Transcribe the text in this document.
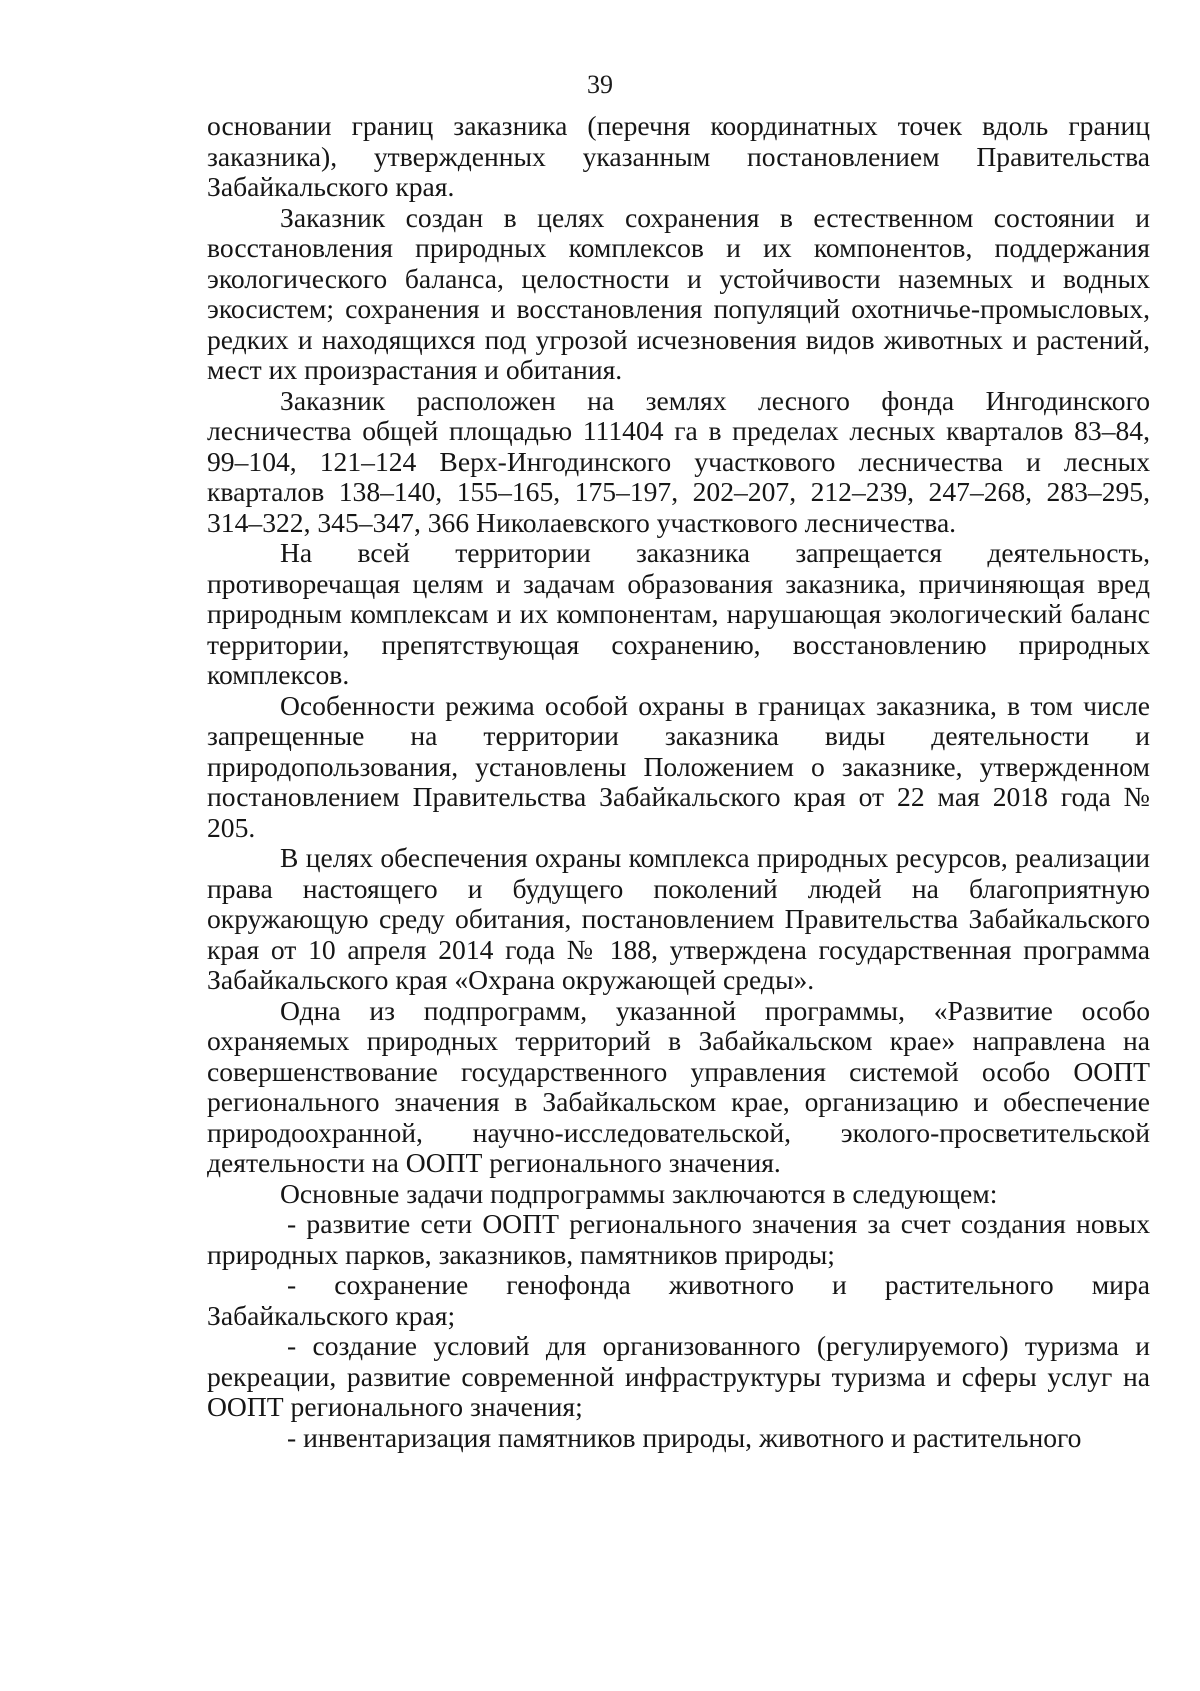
39

основании границ заказника (перечня координатных точек вдоль границ заказника), утвержденных указанным постановлением Правительства Забайкальского края.

Заказник создан в целях сохранения в естественном состоянии и восстановления природных комплексов и их компонентов, поддержания экологического баланса, целостности и устойчивости наземных и водных экосистем; сохранения и восстановления популяций охотничье-промысловых, редких и находящихся под угрозой исчезновения видов животных и растений, мест их произрастания и обитания.

Заказник расположен на землях лесного фонда Ингодинского лесничества общей площадью 111404 га в пределах лесных кварталов 83–84, 99–104, 121–124 Верх-Ингодинского участкового лесничества и лесных кварталов 138–140, 155–165, 175–197, 202–207, 212–239, 247–268, 283–295, 314–322, 345–347, 366 Николаевского участкового лесничества.

На всей территории заказника запрещается деятельность, противоречащая целям и задачам образования заказника, причиняющая вред природным комплексам и их компонентам, нарушающая экологический баланс территории, препятствующая сохранению, восстановлению природных комплексов.

Особенности режима особой охраны в границах заказника, в том числе запрещенные на территории заказника виды деятельности и природопользования, установлены Положением о заказнике, утвержденном постановлением Правительства Забайкальского края от 22 мая 2018 года № 205.

В целях обеспечения охраны комплекса природных ресурсов, реализации права настоящего и будущего поколений людей на благоприятную окружающую среду обитания, постановлением Правительства Забайкальского края от 10 апреля 2014 года № 188, утверждена государственная программа Забайкальского края «Охрана окружающей среды».

Одна из подпрограмм, указанной программы, «Развитие особо охраняемых природных территорий в Забайкальском крае» направлена на совершенствование государственного управления системой особо ООПТ регионального значения в Забайкальском крае, организацию и обеспечение природоохранной, научно-исследовательской, эколого-просветительской деятельности на ООПТ регионального значения.

Основные задачи подпрограммы заключаются в следующем:

- развитие сети ООПТ регионального значения за счет создания новых природных парков, заказников, памятников природы;

- сохранение генофонда животного и растительного мира Забайкальского края;

- создание условий для организованного (регулируемого) туризма и рекреации, развитие современной инфраструктуры туризма и сферы услуг на ООПТ регионального значения;

- инвентаризация памятников природы, животного и растительного
